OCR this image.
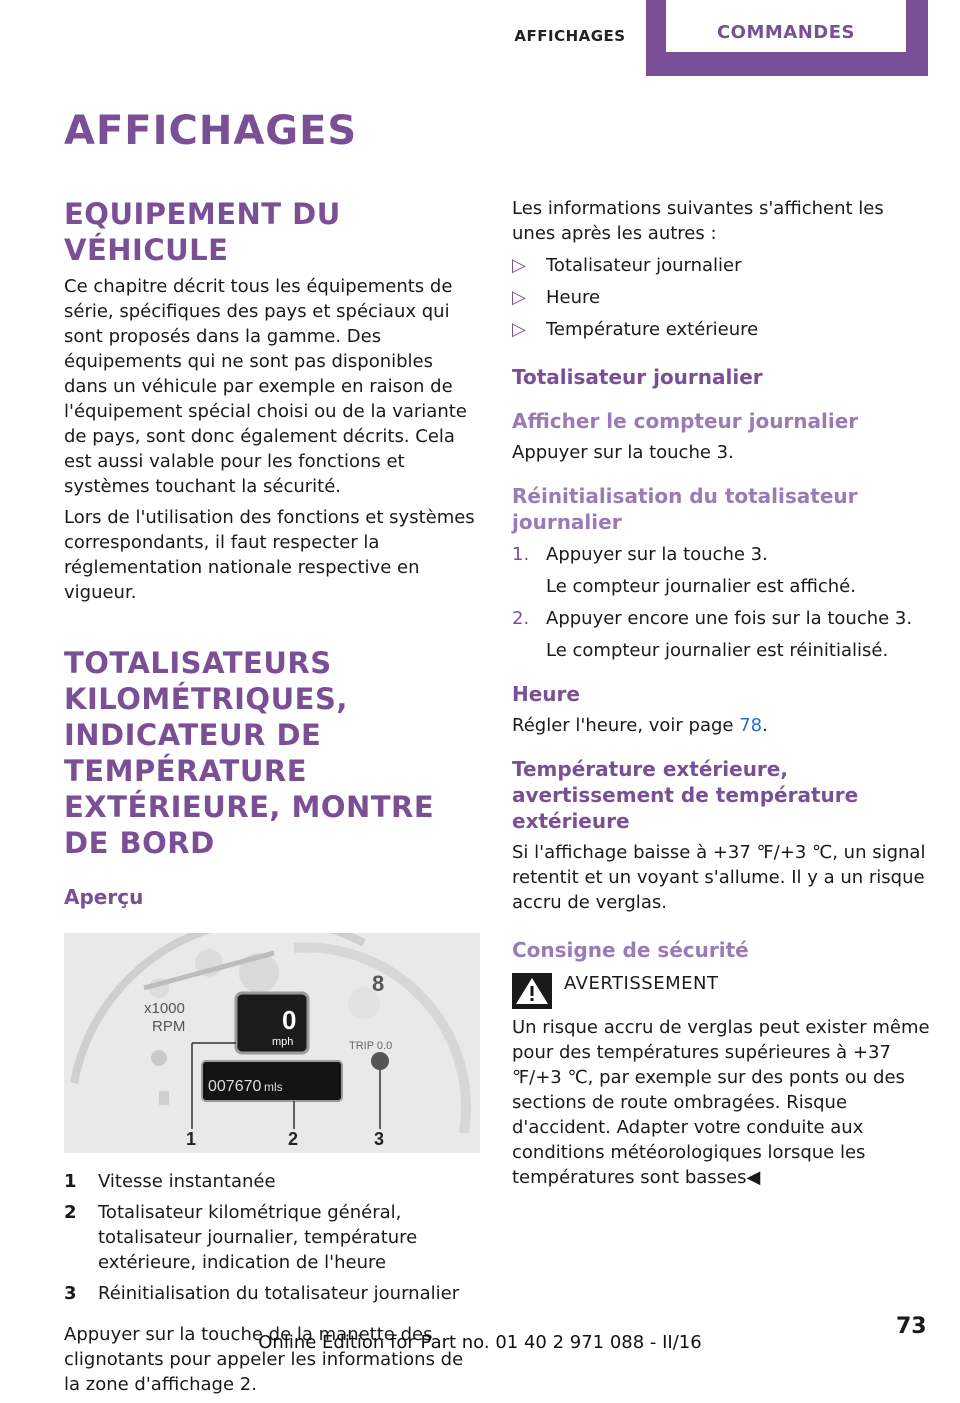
AFFICHAGES	COMMANDES
AFFICHAGES
EQUIPEMENT DU VÉHICULE

Ce chapitre décrit tous les équipements de série, spécifiques des pays et spéciaux qui sont proposés dans la gamme. Des équipements qui ne sont pas disponibles dans un véhicule par exemple en raison de l'équipement spécial choisi ou de la variante de pays, sont donc également décrits. Cela est aussi valable pour les fonctions et systèmes touchant la sécurité.

Lors de l'utilisation des fonctions et systèmes correspondants, il faut respecter la réglementation nationale respective en vigueur.

TOTALISATEURS KILOMÉTRIQUES, INDICATEUR DE TEMPÉRATURE EXTÉRIEURE, MONTRE DE BORD
Aperçu
x1000
RPM
8
0
mph
007670 mls
TRIP 0.0
1	2	3
1	Vitesse instantanée
2	Totalisateur kilométrique général, totalisateur journalier, température extérieure, indication de l'heure
3	Réinitialisation du totalisateur journalier

Appuyer sur la touche de la manette des clignotants pour appeler les informations de la zone d'affichage 2.

Les informations suivantes s'affichent les unes après les autres :

▷	Totalisateur journalier
▷	Heure
▷	Température extérieure
Totalisateur journalier
Afficher le compteur journalier

Appuyer sur la touche 3.

Réinitialisation du totalisateur journalier
1. Appuyer sur la touche 3.

Le compteur journalier est affiché.

2. Appuyer encore une fois sur la touche 3.

Le compteur journalier est réinitialisé.

Heure

Régler l'heure, voir page 78.

Température extérieure, avertissement de température extérieure

Si l'affichage baisse à +37 ℉/+3 ℃, un signal retentit et un voyant s'allume. Il y a un risque accru de verglas.

Consigne de sécurité
AVERTISSEMENT

Un risque accru de verglas peut exister même pour des températures supérieures à +37 ℉/+3 ℃, par exemple sur des ponts ou des sections de route ombragées. Risque d'accident. Adapter votre conduite aux conditions météorologiques lorsque les températures sont basses◀

73
Online Edition for Part no. 01 40 2 971 088 - II/16
